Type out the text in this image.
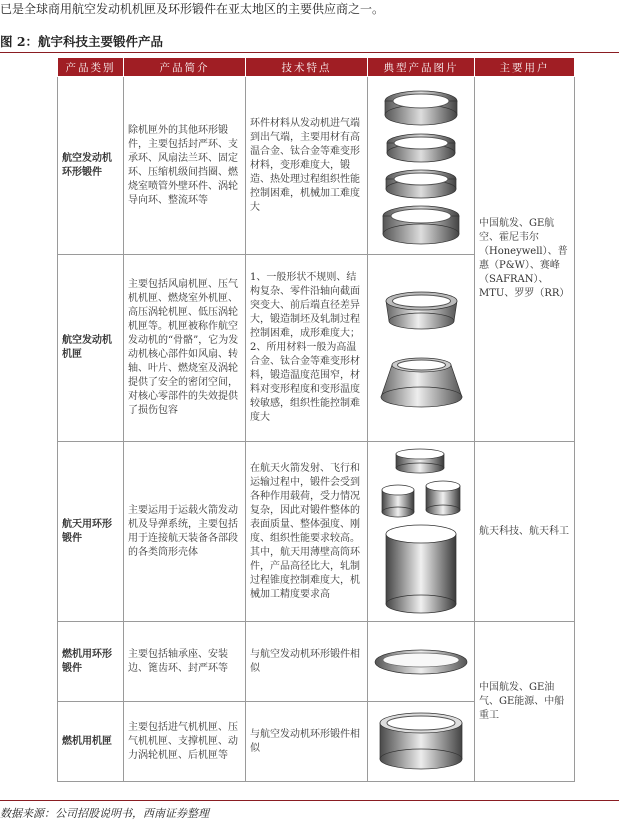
已是全球商用航空发动机机匣及环形锻件在亚太地区的主要供应商之一。
图 2：航宇科技主要锻件产品
产品类别	产品简介	技术特点	典型产品图片	主要用户
航空发动机环形锻件	除机匣外的其他环形锻件，主要包括封严环、支承环、风扇法兰环、固定环、压缩机级间挡圈、燃烧室喷管外壁环件、涡轮导向环、整流环等	环件材料从发动机进气端到出气端，主要用材有高温合金、钛合金等难变形材料，变形难度大，锻造、热处理过程组织性能控制困难，机械加工难度大		中国航发、GE航空、霍尼韦尔（Honeywell）、普惠（P&W）、赛峰（SAFRAN）、MTU、罗罗（RR）
航空发动机机匣	主要包括风扇机匣、压气机机匣、燃烧室外机匣、高压涡轮机匣、低压涡轮机匣等。机匣被称作航空发动机的“骨骼”，它为发动机核心部件如风扇、转轴、叶片、燃烧室及涡轮提供了安全的密闭空间，对核心零部件的失效提供了损伤包容	1、一般形状不规则、结构复杂、零件沿轴向截面突变大、前后端直径差异大，锻造制坯及轧制过程控制困难，成形难度大；2、所用材料一般为高温合金、钛合金等难变形材料，锻造温度范围窄，材料对变形程度和变形温度较敏感，组织性能控制难度大	

航天用环形锻件	主要运用于运载火箭发动机及导弹系统，主要包括用于连接航天装备各部段的各类筒形壳体	在航天火箭发射、飞行和运输过程中，锻件会受到各种作用载荷，受力情况复杂，因此对锻件整体的表面质量、整体强度、刚度、组织性能要求较高。其中，航天用薄壁高筒环件，产品高径比大，轧制过程锥度控制难度大，机械加工精度要求高		航天科技、航天科工
燃机用环形锻件	主要包括轴承座、安装边、篦齿环、封严环等	与航空发动机环形锻件相似		中国航发、GE油气、GE能源、中船重工
燃机用机匣	主要包括进气机机匣、压气机机匣、支撑机匣、动力涡轮机匣、后机匣等	与航空发动机环形锻件相似	
数据来源：公司招股说明书，西南证券整理
